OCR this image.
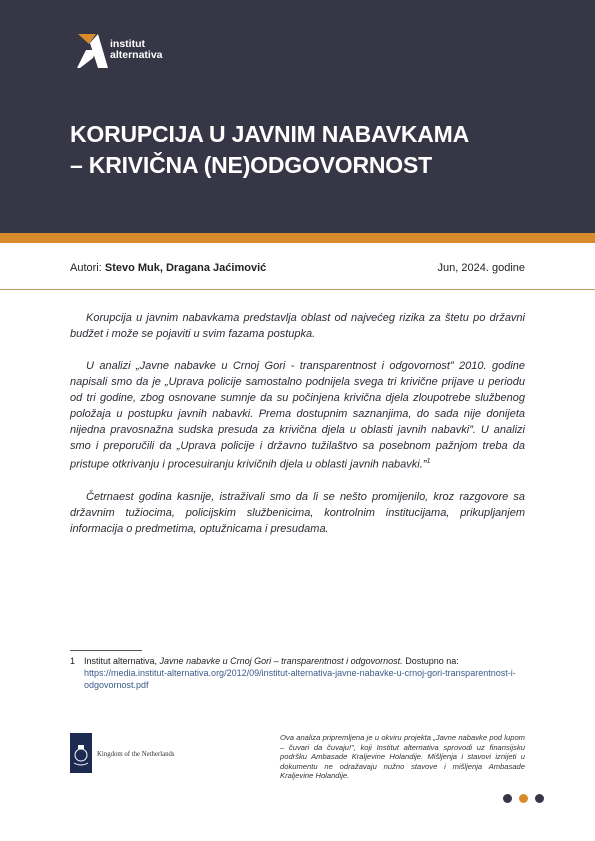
institut
alternativa
KORUPCIJA U JAVNIM NABAVKAMA
– KRIVIČNA (NE)ODGOVORNOST
Autori: Stevo Muk, Dragana Jaćimović	Jun, 2024. godine

Korupcija u javnim nabavkama predstavlja oblast od najvećeg rizika za štetu po državni budžet i može se pojaviti u svim fazama postupka.

U analizi „Javne nabavke u Crnoj Gori - transparentnost i odgovornost” 2010. godine napisali smo da je „Uprava policije samostalno podnijela svega tri krivične prijave u periodu od tri godine, zbog osnovane sumnje da su počinjena krivična djela zloupotrebe službenog položaja u postupku javnih nabavki. Prema dostupnim saznanjima, do sada nije donijeta nijedna pravosnažna sudska presuda za krivična djela u oblasti javnih nabavki”. U analizi smo i preporučili da „Uprava policije i državno tužilaštvo sa posebnom pažnjom treba da pristupe otkrivanju i procesuiranju krivičnih djela u oblasti javnih nabavki.”$^1$

Četrnaest godina kasnije, istraživali smo da li se nešto promijenilo, kroz razgovore sa državnim tužiocima, policijskim službenicima, kontrolnim institucijama, prikupljanjem informacija o predmetima, optužnicama i presudama.

1 Institut alternativa, Javne nabavke u Crnoj Gori – transparentnost i odgovornost. Dostupno na:
https://media.institut-alternativa.org/2012/09/institut-alternativa-javne-nabavke-u-crnoj-gori-transparentnost-i-odgovornost.pdf
Kingdom of the Netherlands
Ova analiza pripremljena je u okviru projekta „Javne nabavke pod lupom – čuvari da čuvaju!”, koji Institut alternativa sprovodi uz finansijsku podršku Ambasade Kraljevine Holandije. Mišljenja i stavovi iznijeti u dokumentu ne odražavaju nužno stavove i mišljenja Ambasade Kraljevine Holandije.
